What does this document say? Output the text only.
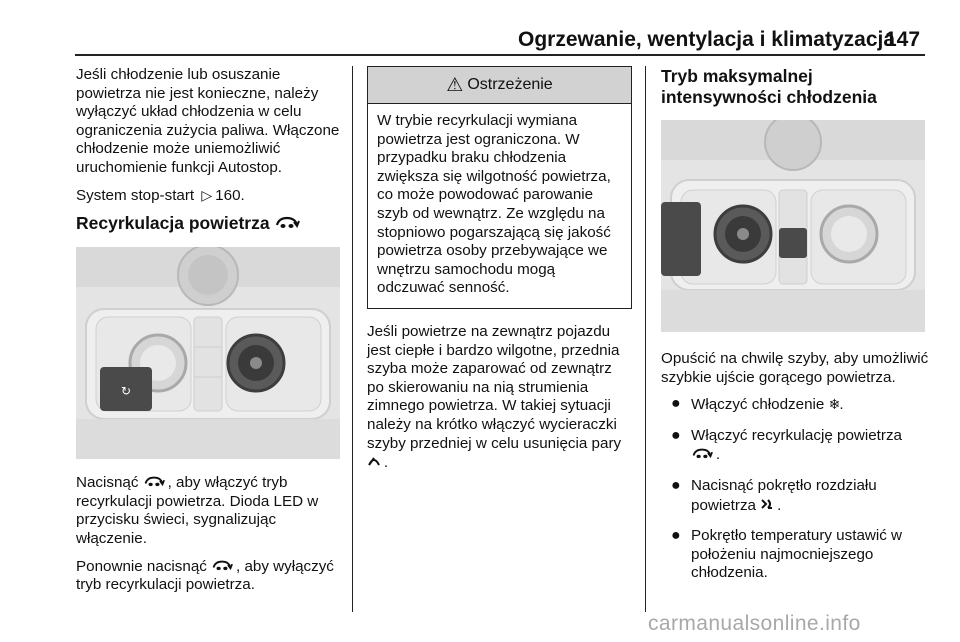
Ogrzewanie, wentylacja i klimatyzacja
147

Jeśli chłodzenie lub osuszanie powietrza nie jest konieczne, należy wyłączyć układ chłodzenia w celu ograniczenia zużycia paliwa. Włączone chłodzenie może uniemożliwić uruchomienie funkcji Autostop.

System stop-start ▷ 160.

Recyrkulacja powietrza
↻

Nacisnąć , aby włączyć tryb recyrkulacji powietrza. Dioda LED w przycisku świeci, sygnalizując włączenie.

Ponownie nacisnąć , aby wyłączyć tryb recyrkulacji powietrza.

⚠ Ostrzeżenie
W trybie recyrkulacji wymiana powietrza jest ograniczona. W przypadku braku chłodzenia zwiększa się wilgotność powietrza, co może powodować parowanie szyb od wewnątrz. Ze względu na stopniowo pogarszającą się jakość powietrza osoby przebywające we wnętrzu samochodu mogą odczuwać senność.

Jeśli powietrze na zewnątrz pojazdu jest ciepłe i bardzo wilgotne, przednia szyba może zaparować od zewnątrz po skierowaniu na nią strumienia zimnego powietrza. W takiej sytuacji należy na krótko włączyć wycieraczki szyby przedniej w celu usunięcia pary  .

Tryb maksymalnej intensywności chłodzenia

Opuścić na chwilę szyby, aby umożliwić szybkie ujście gorącego powietrza.

● Włączyć chłodzenie ❄.
● Włączyć recyrkulację powietrza
.
● Nacisnąć pokrętło rozdziału powietrza .
● Pokrętło temperatury ustawić w położeniu najmocniejszego chłodzenia.
carmanualsonline.info
